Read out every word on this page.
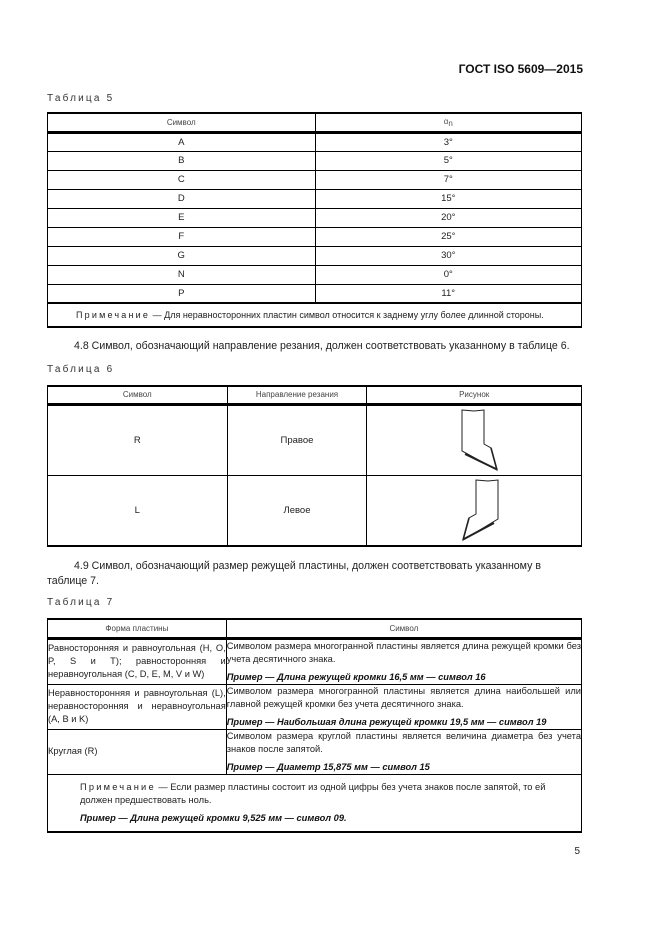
ГОСТ ISO 5609—2015
Таблица 5
Символ	αn
A	3°
B	5°
C	7°
D	15°
E	20°
F	25°
G	30°
N	0°
P	11°
Примечание — Для неравносторонних пластин символ относится к заднему углу более длинной стороны.	
4.8 Символ, обозначающий направление резания, должен соответствовать указанному в таблице 6.
Таблица 6
Символ	Направление резания	Рисунок
R	Правое	
L	Левое	
4.9 Символ, обозначающий размер режущей пластины, должен соответствовать указанному в таблице 7.
Таблица 7
Форма пластины	Символ
Равносторонняя и равноугольная (H, O, P, S и T); равносторонняя и неравноугольная (C, D, E, M, V и W)	Символом размера многогранной пластины является длина режущей кромки без учета десятичного знака.
Пример — Длина режущей кромки 16,5 мм — символ 16

Неравносторонняя и равноугольная (L), неравносторонняя и неравноугольная (A, B и K)	Символом размера многогранной пластины является длина наибольшей или главной режущей кромки без учета десятичного знака.
Пример — Наибольшая длина режущей кромки 19,5 мм — символ 19

Круглая (R)	Символом размера круглой пластины является величина диаметра без учета знаков после запятой.
Пример — Диаметр 15,875 мм — символ 15

Примечание — Если размер пластины состоит из одной цифры без учета знаков после запятой, то ей должен предшествовать ноль.
Пример — Длина режущей кромки 9,525 мм — символ 09.	
5
